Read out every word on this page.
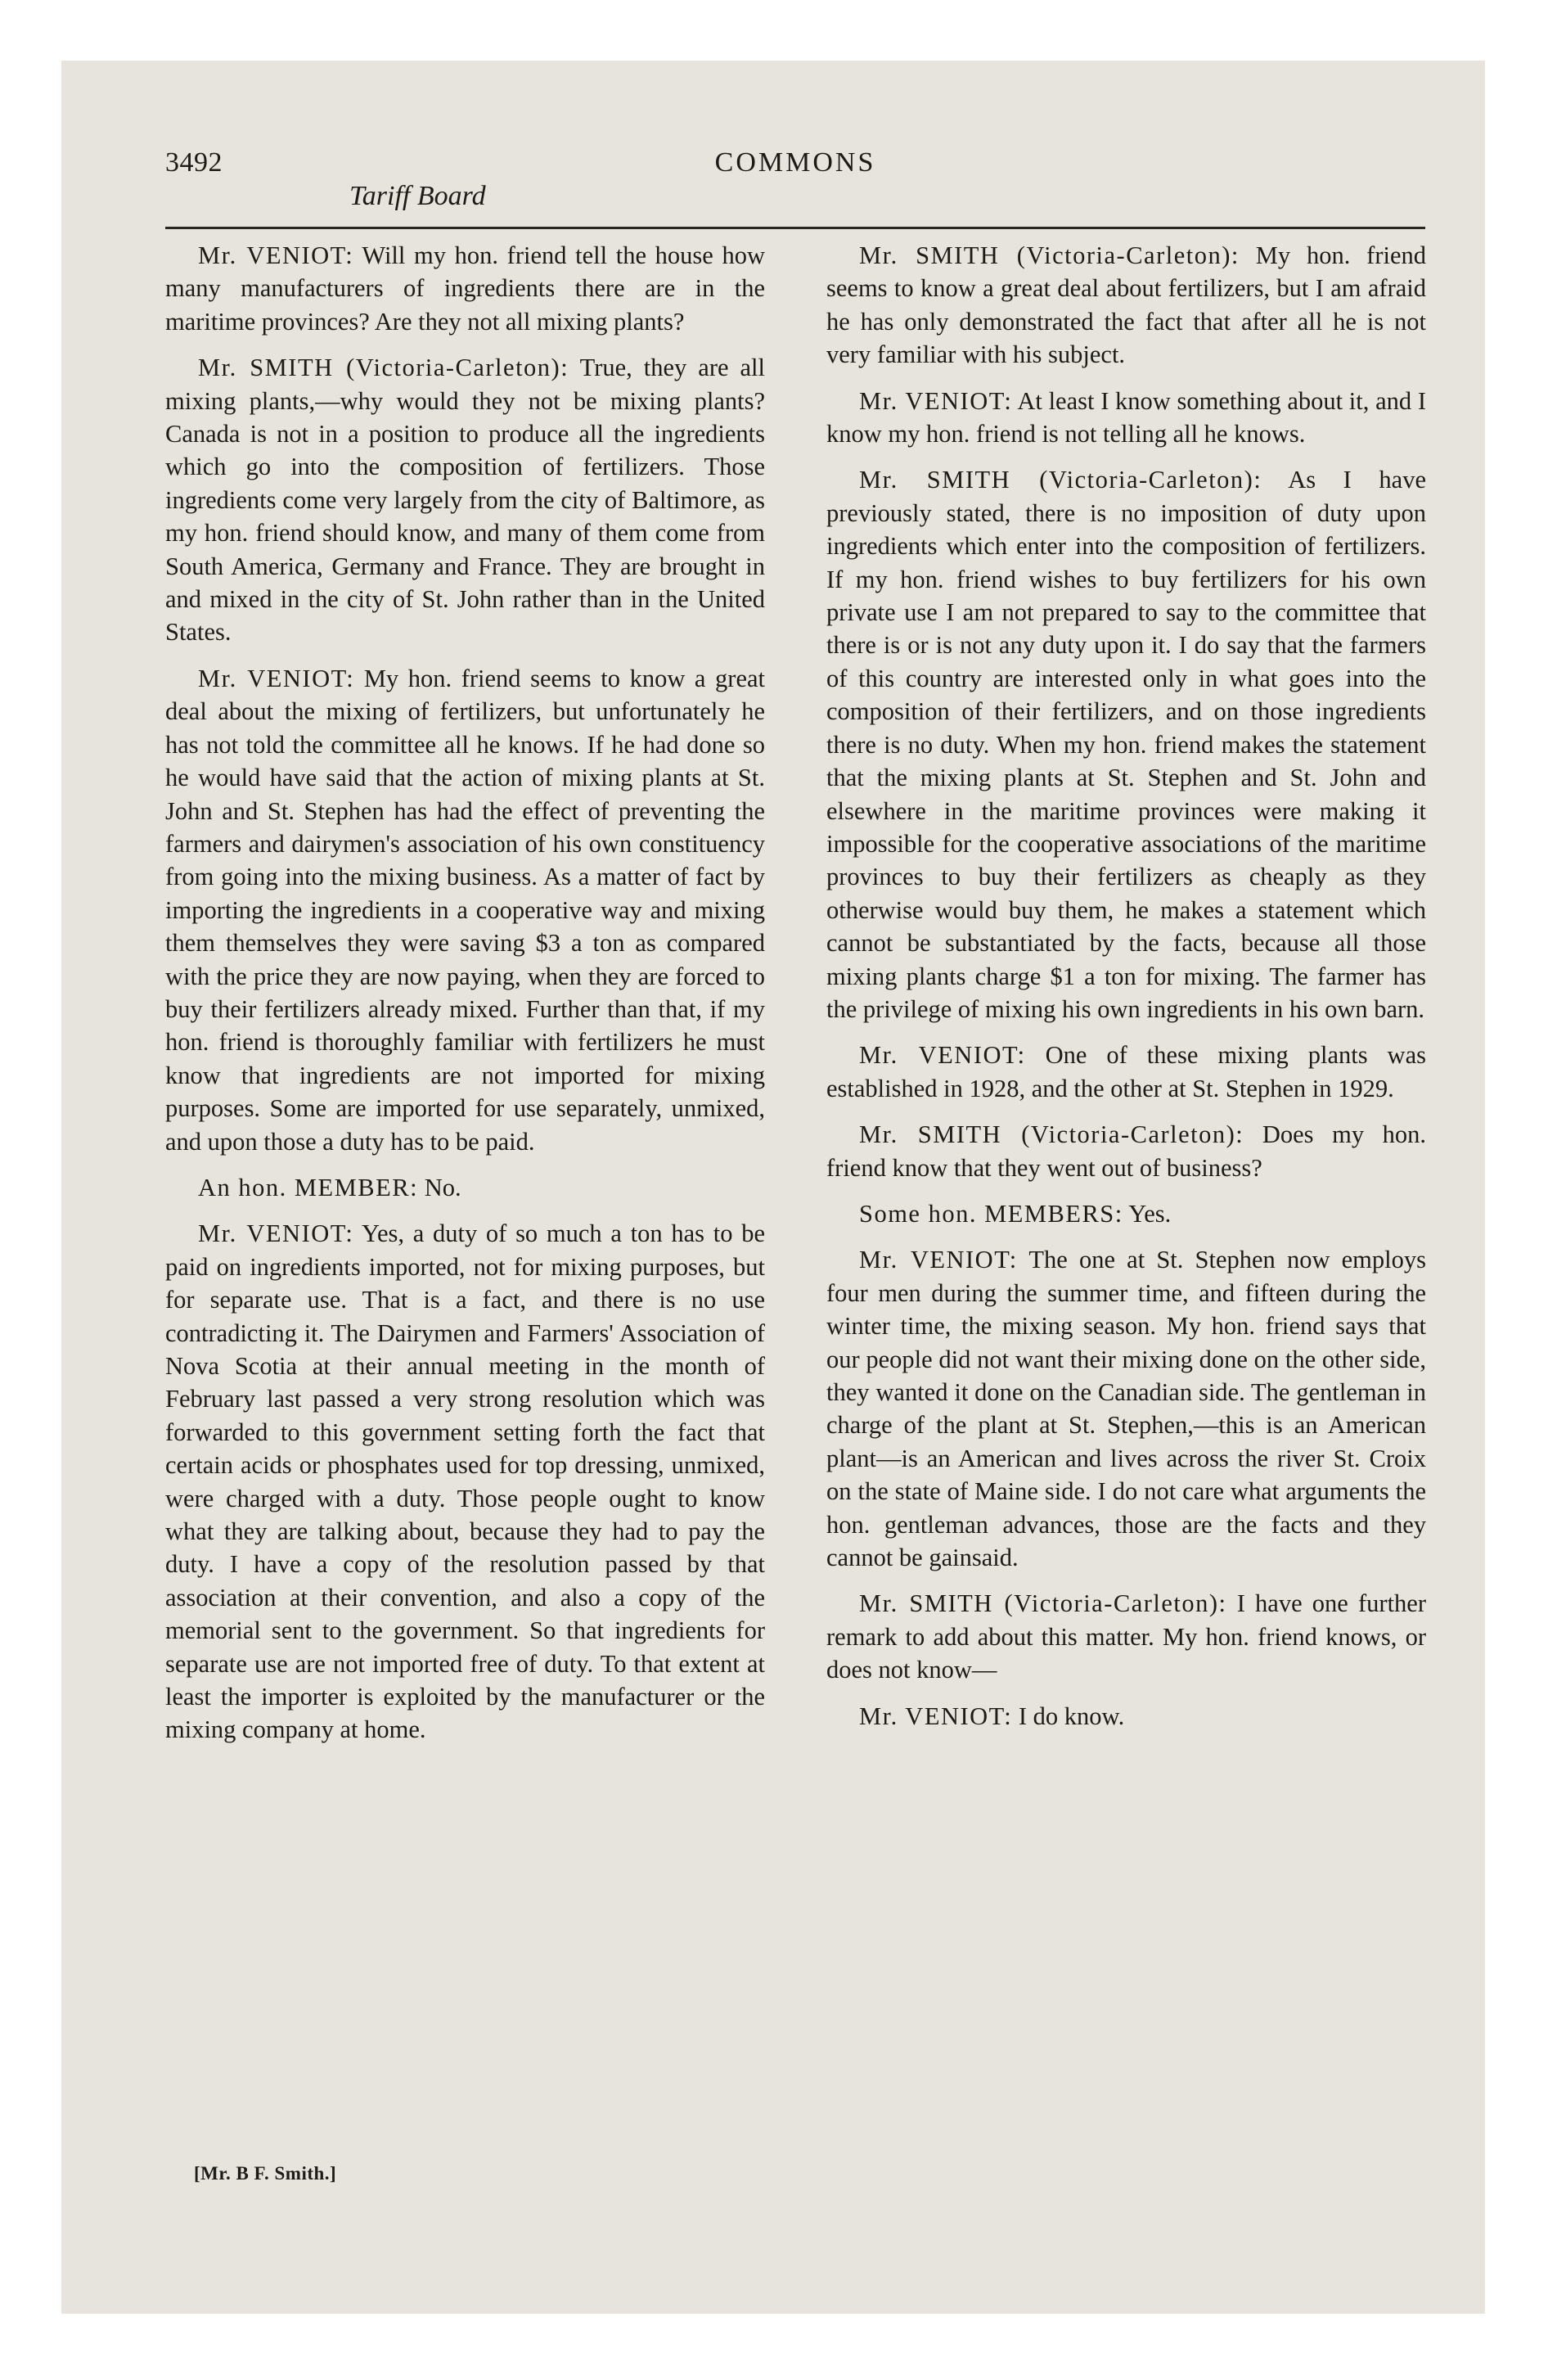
3492	COMMONS
Tariff Board

Mr. VENIOT: Will my hon. friend tell the house how many manufacturers of ingredients there are in the maritime provinces? Are they not all mixing plants?

Mr. SMITH (Victoria-Carleton): True, they are all mixing plants,—why would they not be mixing plants? Canada is not in a position to produce all the ingredients which go into the composition of fertilizers. Those ingredients come very largely from the city of Baltimore, as my hon. friend should know, and many of them come from South America, Germany and France. They are brought in and mixed in the city of St. John rather than in the United States.

Mr. VENIOT: My hon. friend seems to know a great deal about the mixing of fertilizers, but unfortunately he has not told the committee all he knows. If he had done so he would have said that the action of mixing plants at St. John and St. Stephen has had the effect of preventing the farmers and dairymen's association of his own constituency from going into the mixing business. As a matter of fact by importing the ingredients in a cooperative way and mixing them themselves they were saving $3 a ton as compared with the price they are now paying, when they are forced to buy their fertilizers already mixed. Further than that, if my hon. friend is thoroughly familiar with fertilizers he must know that ingredients are not imported for mixing purposes. Some are imported for use separately, unmixed, and upon those a duty has to be paid.

An hon. MEMBER: No.

Mr. VENIOT: Yes, a duty of so much a ton has to be paid on ingredients imported, not for mixing purposes, but for separate use. That is a fact, and there is no use contradicting it. The Dairymen and Farmers' Association of Nova Scotia at their annual meeting in the month of February last passed a very strong resolution which was forwarded to this government setting forth the fact that certain acids or phosphates used for top dressing, unmixed, were charged with a duty. Those people ought to know what they are talking about, because they had to pay the duty. I have a copy of the resolution passed by that association at their convention, and also a copy of the memorial sent to the government. So that ingredients for separate use are not imported free of duty. To that extent at least the importer is exploited by the manufacturer or the mixing company at home.

Mr. SMITH (Victoria-Carleton): My hon. friend seems to know a great deal about fertilizers, but I am afraid he has only demonstrated the fact that after all he is not very familiar with his subject.

Mr. VENIOT: At least I know something about it, and I know my hon. friend is not telling all he knows.

Mr. SMITH (Victoria-Carleton): As I have previously stated, there is no imposition of duty upon ingredients which enter into the composition of fertilizers. If my hon. friend wishes to buy fertilizers for his own private use I am not prepared to say to the committee that there is or is not any duty upon it. I do say that the farmers of this country are interested only in what goes into the composition of their fertilizers, and on those ingredients there is no duty. When my hon. friend makes the statement that the mixing plants at St. Stephen and St. John and elsewhere in the maritime provinces were making it impossible for the cooperative associations of the maritime provinces to buy their fertilizers as cheaply as they otherwise would buy them, he makes a statement which cannot be substantiated by the facts, because all those mixing plants charge $1 a ton for mixing. The farmer has the privilege of mixing his own ingredients in his own barn.

Mr. VENIOT: One of these mixing plants was established in 1928, and the other at St. Stephen in 1929.

Mr. SMITH (Victoria-Carleton): Does my hon. friend know that they went out of business?

Some hon. MEMBERS: Yes.

Mr. VENIOT: The one at St. Stephen now employs four men during the summer time, and fifteen during the winter time, the mixing season. My hon. friend says that our people did not want their mixing done on the other side, they wanted it done on the Canadian side. The gentleman in charge of the plant at St. Stephen,—this is an American plant—is an American and lives across the river St. Croix on the state of Maine side. I do not care what arguments the hon. gentleman advances, those are the facts and they cannot be gainsaid.

Mr. SMITH (Victoria-Carleton): I have one further remark to add about this matter. My hon. friend knows, or does not know—

Mr. VENIOT: I do know.

[Mr. B F. Smith.]
